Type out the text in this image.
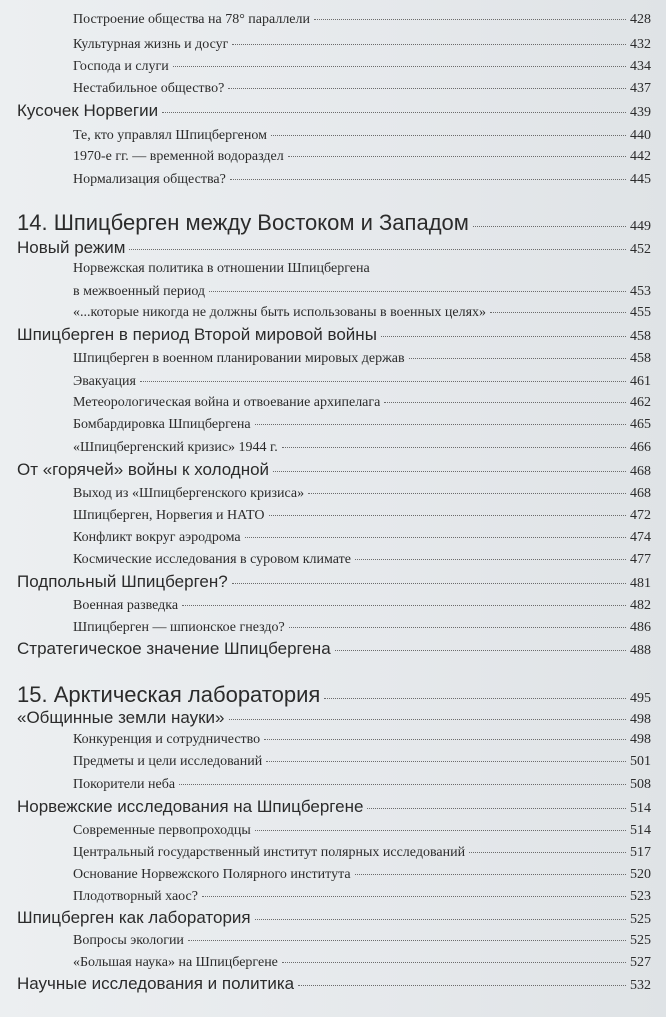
Построение общества на 78° параллели	428
Культурная жизнь и досуг	432
Господа и слуги	434
Нестабильное общество?	437
Кусочек Норвегии	439
Те, кто управлял Шпицбергеном	440
1970-е гг. — временной водораздел	442
Нормализация общества?	445
14. Шпицберген между Востоком и Западом	449
Новый режим	452
Норвежская политика в отношении Шпицбергена
в межвоенный период	453
«...которые никогда не должны быть использованы в военных целях»	455
Шпицберген в период Второй мировой войны	458
Шпицберген в военном планировании мировых держав	458
Эвакуация	461
Метеорологическая война и отвоевание архипелага	462
Бомбардировка Шпицбергена	465
«Шпицбергенский кризис» 1944 г.	466
От «горячей» войны к холодной	468
Выход из «Шпицбергенского кризиса»	468
Шпицберген, Норвегия и НАТО	472
Конфликт вокруг аэродрома	474
Космические исследования в суровом климате	477
Подпольный Шпицберген?	481
Военная разведка	482
Шпицберген — шпионское гнездо?	486
Стратегическое значение Шпицбергена	488
15. Арктическая лаборатория	495
«Общинные земли науки»	498
Конкуренция и сотрудничество	498
Предметы и цели исследований	501
Покорители неба	508
Норвежские исследования на Шпицбергене	514
Современные первопроходцы	514
Центральный государственный институт полярных исследований	517
Основание Норвежского Полярного института	520
Плодотворный хаос?	523
Шпицберген как лаборатория	525
Вопросы экологии	525
«Большая наука» на Шпицбергене	527
Научные исследования и политика	532
